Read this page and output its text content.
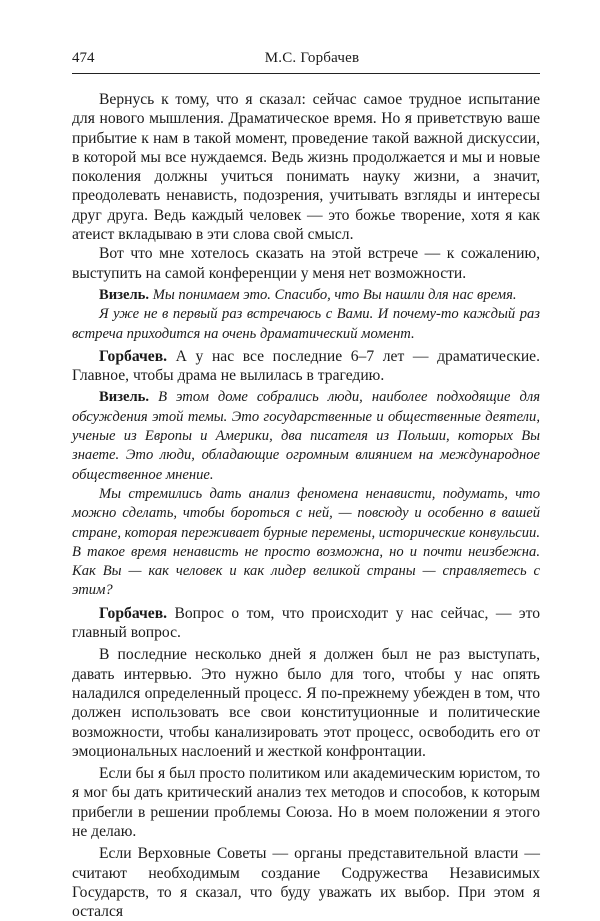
474	М.С. Горбачев

Вернусь к тому, что я сказал: сейчас самое трудное испытание для нового мышления. Драматическое время. Но я приветствую ваше прибытие к нам в такой момент, проведение такой важной дискуссии, в которой мы все нуждаемся. Ведь жизнь продолжается и мы и новые поколения должны учиться понимать науку жизни, а значит, преодолевать ненависть, подозрения, учитывать взгляды и интересы друг друга. Ведь каждый человек — это божье творение, хотя я как атеист вкладываю в эти слова свой смысл.

Вот что мне хотелось сказать на этой встрече — к сожалению, выступить на самой конференции у меня нет возможности.

Визель. Мы понимаем это. Спасибо, что Вы нашли для нас время.

Я уже не в первый раз встречаюсь с Вами. И почему-то каждый раз встреча приходится на очень драматический момент.

Горбачев. А у нас все последние 6–7 лет — драматические. Главное, чтобы драма не вылилась в трагедию.

Визель. В этом доме собрались люди, наиболее подходящие для обсуждения этой темы. Это государственные и общественные деятели, ученые из Европы и Америки, два писателя из Польши, которых Вы знаете. Это люди, обладающие огромным влиянием на международное общественное мнение.

Мы стремились дать анализ феномена ненависти, подумать, что можно сделать, чтобы бороться с ней, — повсюду и особенно в вашей стране, которая переживает бурные перемены, исторические конвульсии. В такое время ненависть не просто возможна, но и почти неизбежна. Как Вы — как человек и как лидер великой страны — справляетесь с этим?

Горбачев. Вопрос о том, что происходит у нас сейчас, — это главный вопрос.

В последние несколько дней я должен был не раз выступать, давать интервью. Это нужно было для того, чтобы у нас опять наладился определенный процесс. Я по-прежнему убежден в том, что должен использовать все свои конституционные и политические возможности, чтобы канализировать этот процесс, освободить его от эмоциональных наслоений и жесткой конфронтации.

Если бы я был просто политиком или академическим юристом, то я мог бы дать критический анализ тех методов и способов, к которым прибегли в решении проблемы Союза. Но в моем положении я этого не делаю.

Если Верховные Советы — органы представительной власти — считают необходимым создание Содружества Независимых Государств, то я сказал, что буду уважать их выбор. При этом я остался
